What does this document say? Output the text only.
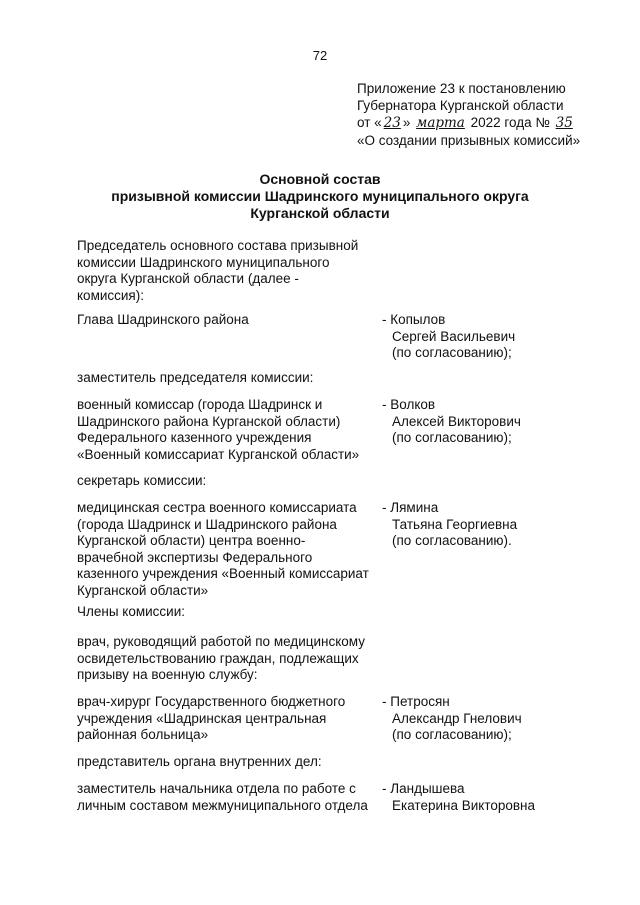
72
Приложение 23 к постановлению
Губернатора Курганской области
от « 23 » марта 2022 года № 35
«О создании призывных комиссий»
Основной состав
призывной комиссии Шадринского муниципального округа
Курганской области
Председатель основного состава призывной
комиссии Шадринского муниципального
округа Курганской области (далее -
комиссия):
Глава Шадринского района	- Копылов
Сергей Васильевич
(по согласованию);
заместитель председателя комиссии:
военный комиссар (города Шадринск и
Шадринского района Курганской области)
Федерального казенного учреждения
«Военный комиссариат Курганской области»
- Волков
Алексей Викторович
(по согласованию);
секретарь комиссии:
медицинская сестра военного комиссариата
(города Шадринск и Шадринского района
Курганской области) центра военно-
врачебной экспертизы Федерального
казенного учреждения «Военный комиссариат
Курганской области»
- Лямина
Татьяна Георгиевна
(по согласованию).
Члены комиссии:
врач, руководящий работой по медицинскому
освидетельствованию граждан, подлежащих
призыву на военную службу:
врач-хирург Государственного бюджетного
учреждения «Шадринская центральная
районная больница»
- Петросян
Александр Гнелович
(по согласованию);
представитель органа внутренних дел:
заместитель начальника отдела по работе с
личным составом межмуниципального отдела
- Ландышева
Екатерина Викторовна
